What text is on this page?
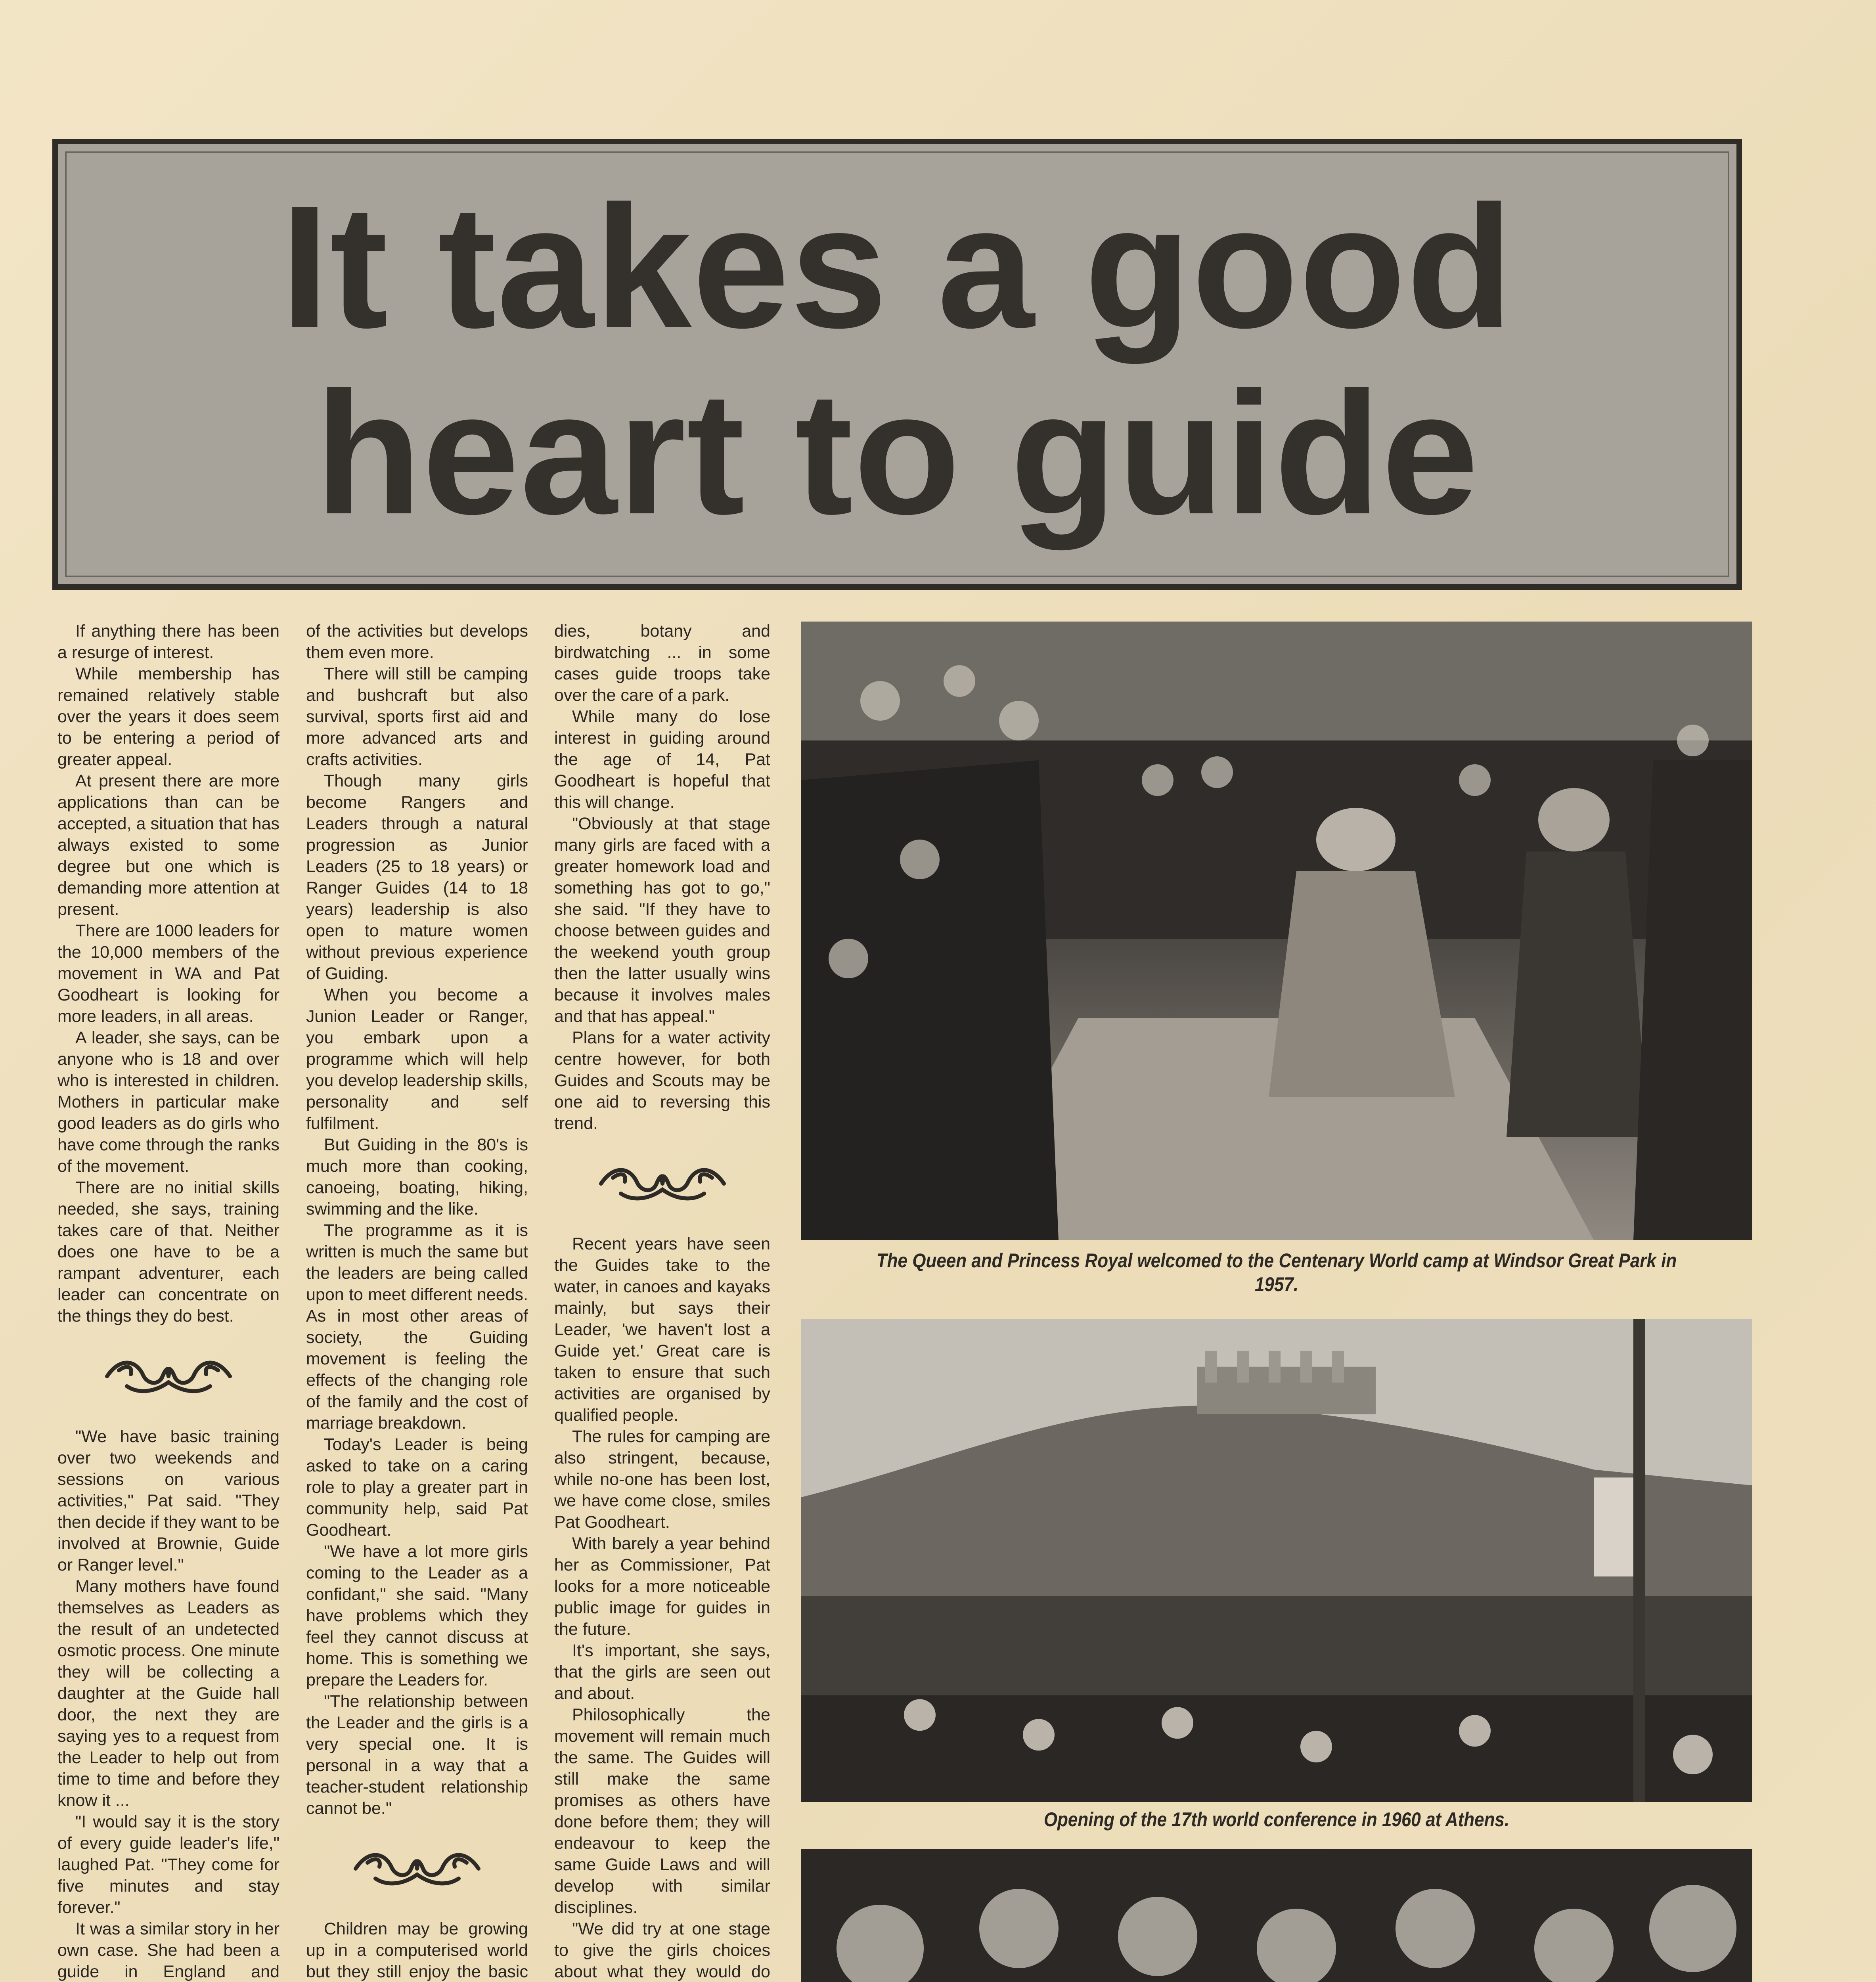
It takes a good
heart to guide

If anything there has been a resurge of interest.

While membership has remained relatively stable over the years it does seem to be entering a period of greater appeal.

At present there are more applications than can be accepted, a situation that has always existed to some degree but one which is demanding more attention at present.

There are 1000 leaders for the 10,000 members of the movement in WA and Pat Goodheart is looking for more leaders, in all areas.

A leader, she says, can be anyone who is 18 and over who is interested in children. Mothers in particular make good leaders as do girls who have come through the ranks of the movement.

There are no initial skills needed, she says, training takes care of that. Neither does one have to be a rampant adventurer, each leader can concentrate on the things they do best.

"We have basic training over two weekends and sessions on various activities," Pat said. "They then decide if they want to be involved at Brownie, Guide or Ranger level."

Many mothers have found themselves as Leaders as the result of an undetected osmotic process. One minute they will be collecting a daughter at the Guide hall door, the next they are saying yes to a request from the Leader to help out from time to time and before they know it ...

"I would say it is the story of every guide leader's life," laughed Pat. "They come for five minutes and stay forever."

It was a similar story in her own case. She had been a guide in England and

of the activities but develops them even more.

There will still be camping and bushcraft but also survival, sports first aid and more advanced arts and crafts activities.

Though many girls become Rangers and Leaders through a natural progression as Junior Leaders (25 to 18 years) or Ranger Guides (14 to 18 years) leadership is also open to mature women without previous experience of Guiding.

When you become a Junion Leader or Ranger, you embark upon a programme which will help you develop leadership skills, personality and self fulfilment.

But Guiding in the 80's is much more than cooking, canoeing, boating, hiking, swimming and the like.

The programme as it is written is much the same but the leaders are being called upon to meet different needs. As in most other areas of society, the Guiding movement is feeling the effects of the changing role of the family and the cost of marriage breakdown.

Today's Leader is being asked to take on a caring role to play a greater part in community help, said Pat Goodheart.

"We have a lot more girls coming to the Leader as a confidant," she said. "Many have problems which they feel they cannot discuss at home. This is something we prepare the Leaders for.

"The relationship between the Leader and the girls is a very special one. It is personal in a way that a teacher-student relationship cannot be."

Children may be growing up in a computerised world but they still enjoy the basic

dies, botany and birdwatching ... in some cases guide troops take over the care of a park.

While many do lose interest in guiding around the age of 14, Pat Goodheart is hopeful that this will change.

"Obviously at that stage many girls are faced with a greater homework load and something has got to go," she said. "If they have to choose between guides and the weekend youth group then the latter usually wins because it involves males and that has appeal."

Plans for a water activity centre however, for both Guides and Scouts may be one aid to reversing this trend.

Recent years have seen the Guides take to the water, in canoes and kayaks mainly, but says their Leader, 'we haven't lost a Guide yet.' Great care is taken to ensure that such activities are organised by qualified people.

The rules for camping are also stringent, because, while no-one has been lost, we have come close, smiles Pat Goodheart.

With barely a year behind her as Commissioner, Pat looks for a more noticeable public image for guides in the future.

It's important, she says, that the girls are seen out and about.

Philosophically the movement will remain much the same. The Guides will still make the same promises as others have done before them; they will endeavour to keep the same Guide Laws and will develop with similar disciplines.

"We did try at one stage to give the girls choices about what they would do

The Queen and Princess Royal welcomed to the Centenary World camp at Windsor Great Park in 1957.
Opening of the 17th world conference in 1960 at Athens.
